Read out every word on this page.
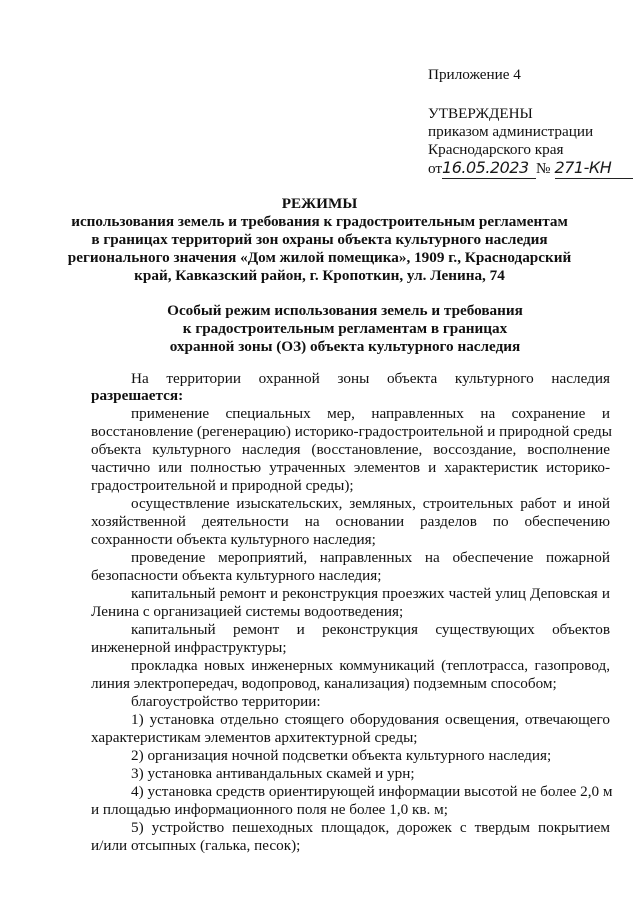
Приложение 4
УТВЕРЖДЕНЫ
приказом администрации
Краснодарского края
от16.05.2023 № 271-КН
РЕЖИМЫ
использования земель и требования к градостроительным регламентам
в границах территорий зон охраны объекта культурного наследия
регионального значения «Дом жилой помещика», 1909 г., Краснодарский
край, Кавказский район, г. Кропоткин, ул. Ленина, 74
Особый режим использования земель и требования
к градостроительным регламентам в границах
охранной зоны (ОЗ) объекта культурного наследия
На территории охранной зоны объекта культурного наследия
разрешается:
применение специальных мер, направленных на сохранение и
восстановление (регенерацию) историко-градостроительной и природной среды
объекта культурного наследия (восстановление, воссоздание, восполнение
частично или полностью утраченных элементов и характеристик историко-
градостроительной и природной среды);
осуществление изыскательских, земляных, строительных работ и иной
хозяйственной деятельности на основании разделов по обеспечению
сохранности объекта культурного наследия;
проведение мероприятий, направленных на обеспечение пожарной
безопасности объекта культурного наследия;
капитальный ремонт и реконструкция проезжих частей улиц Деповская и
Ленина с организацией системы водоотведения;
капитальный ремонт и реконструкция существующих объектов
инженерной инфраструктуры;
прокладка новых инженерных коммуникаций (теплотрасса, газопровод,
линия электропередач, водопровод, канализация) подземным способом;
благоустройство территории:
1) установка отдельно стоящего оборудования освещения, отвечающего
характеристикам элементов архитектурной среды;
2) организация ночной подсветки объекта культурного наследия;
3) установка антивандальных скамей и урн;
4) установка средств ориентирующей информации высотой не более 2,0 м
и площадью информационного поля не более 1,0 кв. м;
5) устройство пешеходных площадок, дорожек с твердым покрытием
и/или отсыпных (галька, песок);
